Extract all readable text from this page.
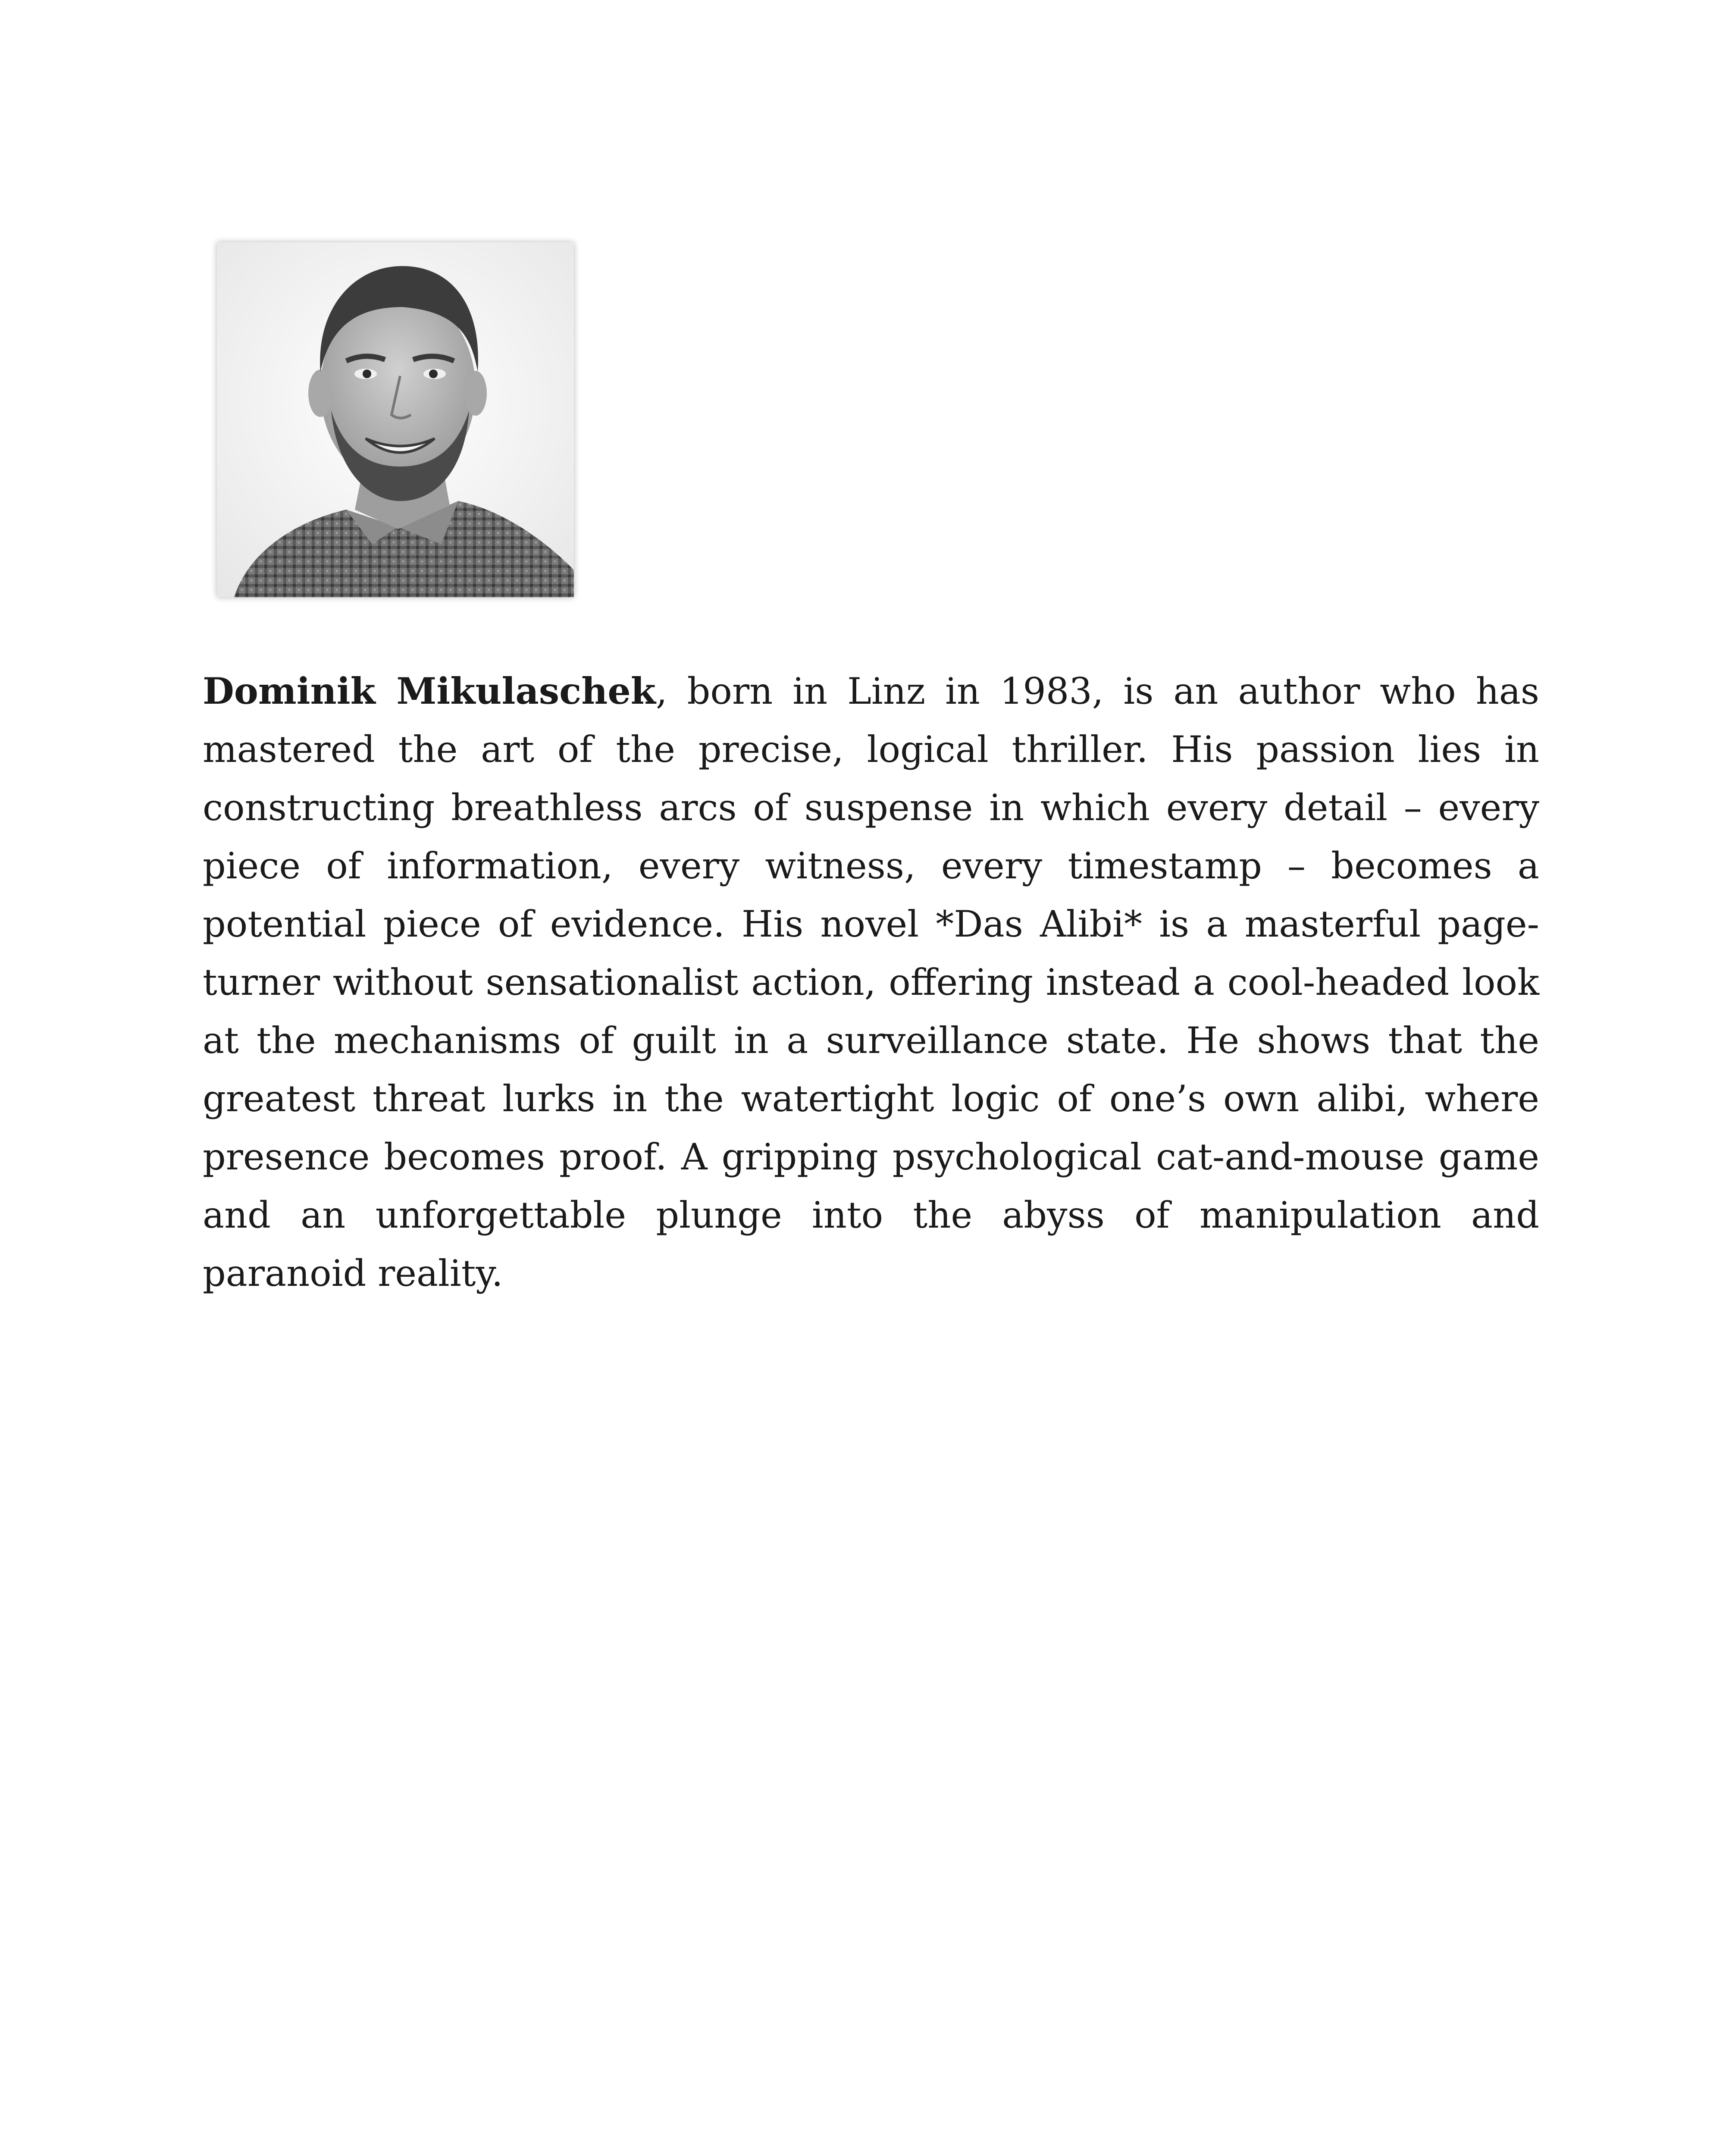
Dominik Mikulaschek, born in Linz in 1983, is an author who has mastered the art of the precise, logical thriller. His passion lies in constructing breathless arcs of suspense in which every detail – every piece of information, every witness, every timestamp – becomes a potential piece of evidence. His novel *Das Alibi* is a masterful page-turner without sensationalist action, offering instead a cool-headed look at the mechanisms of guilt in a surveillance state. He shows that the greatest threat lurks in the watertight logic of one’s own alibi, where presence becomes proof. A gripping psychological cat-and-mouse game and an unforgettable plunge into the abyss of manipulation and paranoid reality.
